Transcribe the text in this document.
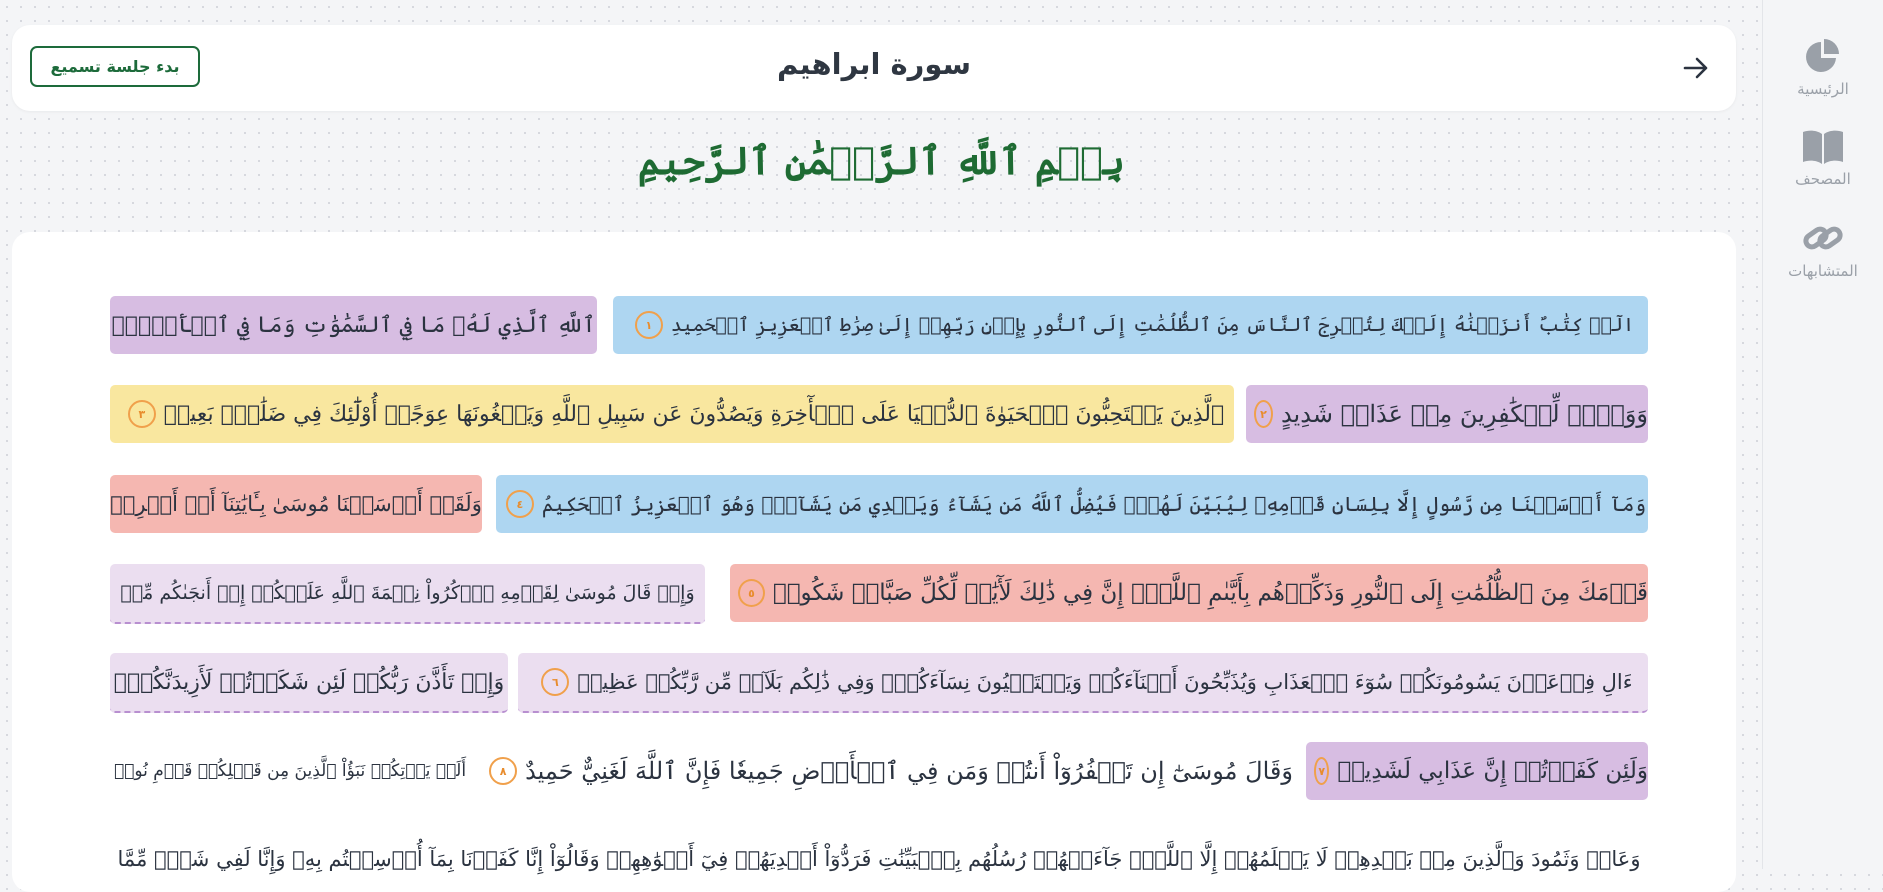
الرئيسية
المصحف
المتشابهات
سورة ابراهيم
بدء جلسة تسميع
بِسۡمِ ٱللَّهِ ٱلرَّحۡمَٰنِ ٱلرَّحِيمِ
الٓرۚ كِتَٰبٌ أَنزَلۡنَٰهُ إِلَيۡكَ لِتُخۡرِجَ ٱلنَّاسَ مِنَ ٱلظُّلُمَٰتِ إِلَى ٱلنُّورِ بِإِذۡنِ رَبِّهِمۡ إِلَىٰ صِرَٰطِ ٱلۡعَزِيزِ ٱلۡحَمِيدِ
١
ٱللَّهِ ٱلَّذِي لَهُۥ مَا فِي ٱلسَّمَٰوَٰتِ وَمَا فِي ٱلۡأَرۡضِۗ
وَوَيۡلٞ لِّلۡكَٰفِرِينَ مِنۡ عَذَابٖ شَدِيدٍ
٢
ٱلَّذِينَ يَسۡتَحِبُّونَ ٱلۡحَيَوٰةَ ٱلدُّنۡيَا عَلَى ٱلۡأٓخِرَةِ وَيَصُدُّونَ عَن سَبِيلِ ٱللَّهِ وَيَبۡغُونَهَا عِوَجًاۚ أُوْلَٰٓئِكَ فِي ضَلَٰلِۭ بَعِيدٖ
٣
وَمَآ أَرۡسَلۡنَا مِن رَّسُولٍ إِلَّا بِلِسَانِ قَوۡمِهِۦ لِيُبَيِّنَ لَهُمۡۖ فَيُضِلُّ ٱللَّهُ مَن يَشَآءُ وَيَهۡدِي مَن يَشَآءُۚ وَهُوَ ٱلۡعَزِيزُ ٱلۡحَكِيمُ
٤
وَلَقَدۡ أَرۡسَلۡنَا مُوسَىٰ بِـَٔايَٰتِنَآ أَنۡ أَخۡرِجۡ
قَوۡمَكَ مِنَ ٱلظُّلُمَٰتِ إِلَى ٱلنُّورِ وَذَكِّرۡهُم بِأَيَّىٰمِ ٱللَّهِۚ إِنَّ فِي ذَٰلِكَ لَأٓيَٰتٖ لِّكُلِّ صَبَّارٖ شَكُورٖ
٥
وَإِذۡ قَالَ مُوسَىٰ لِقَوۡمِهِ ٱذۡكُرُواْ نِعۡمَةَ ٱللَّهِ عَلَيۡكُمۡ إِذۡ أَنجَىٰكُم مِّنۡ
ءَالِ فِرۡعَوۡنَ يَسُومُونَكُمۡ سُوٓءَ ٱلۡعَذَابِ وَيُذَبِّحُونَ أَبۡنَآءَكُمۡ وَيَسۡتَحۡيُونَ نِسَآءَكُمۡۚ وَفِي ذَٰلِكُم بَلَآءٞ مِّن رَّبِّكُمۡ عَظِيمٞ
٦
وَإِذۡ تَأَذَّنَ رَبُّكُمۡ لَئِن شَكَرۡتُمۡ لَأَزِيدَنَّكُمۡۖ
وَلَئِن كَفَرۡتُمۡ إِنَّ عَذَابِي لَشَدِيدٞ
٧
وَقَالَ مُوسَىٰٓ إِن تَكۡفُرُوٓاْ أَنتُمۡ وَمَن فِي ٱلۡأَرۡضِ جَمِيعٗا فَإِنَّ ٱللَّهَ لَغَنِيٌّ حَمِيدٌ
٨
أَلَمۡ يَأۡتِكُمۡ نَبَؤُاْ ٱلَّذِينَ مِن قَبۡلِكُمۡ قَوۡمِ نُوحٖ
وَعَادٖ وَثَمُودَ وَٱلَّذِينَ مِنۢ بَعۡدِهِمۡ لَا يَعۡلَمُهُمۡ إِلَّا ٱللَّهُۚ جَآءَتۡهُمۡ رُسُلُهُم بِٱلۡبَيِّنَٰتِ فَرَدُّوٓاْ أَيۡدِيَهُمۡ فِيٓ أَفۡوَٰهِهِمۡ وَقَالُوٓاْ إِنَّا كَفَرۡنَا بِمَآ أُرۡسِلۡتُم بِهِۦ وَإِنَّا لَفِي شَكّٖ مِّمَّا
